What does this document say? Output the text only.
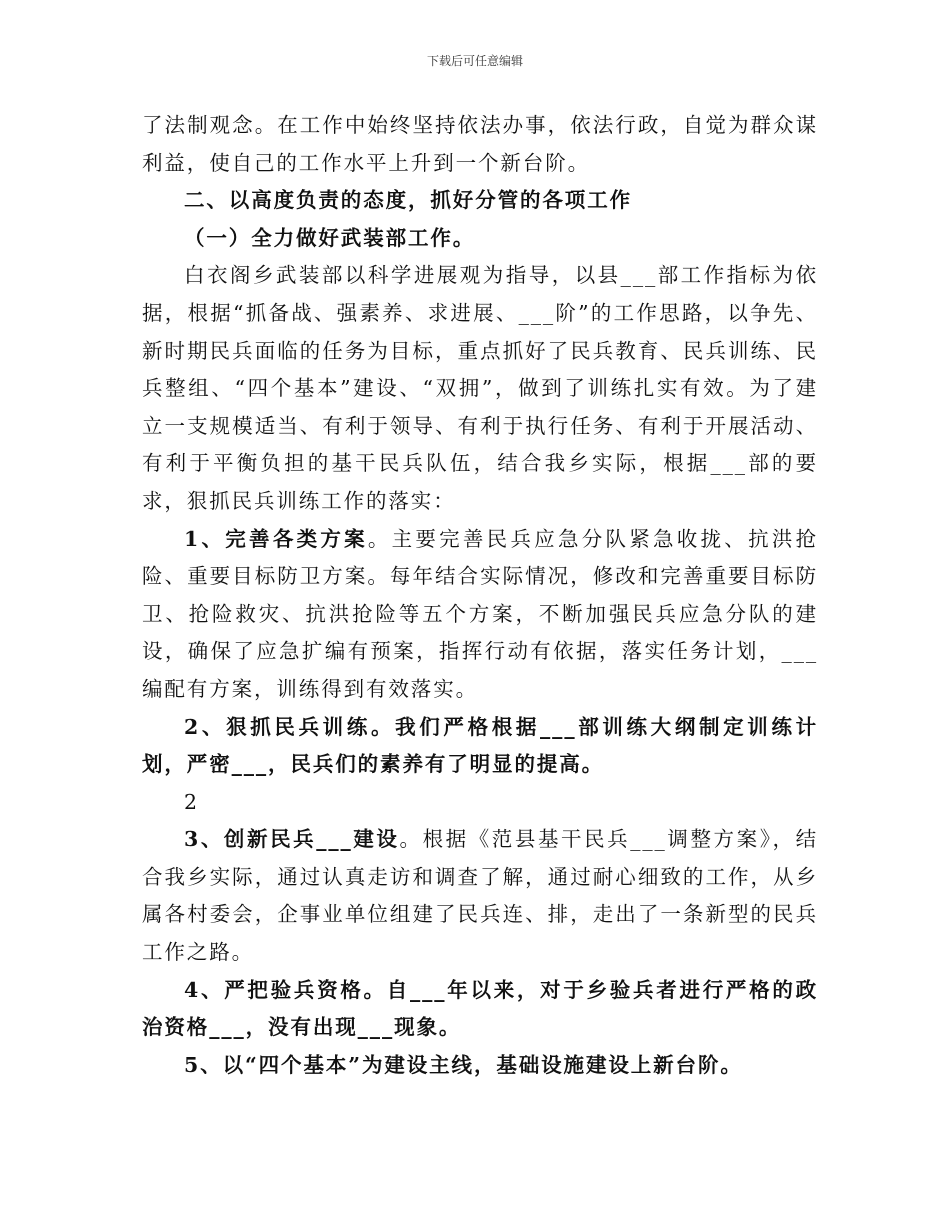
下载后可任意编辑

了法制观念。在工作中始终坚持依法办事，依法行政，自觉为群众谋利益，使自己的工作水平上升到一个新台阶。

二、以高度负责的态度，抓好分管的各项工作

（一）全力做好武装部工作。

白衣阁乡武装部以科学进展观为指导，以县___部工作指标为依据，根据“抓备战、强素养、求进展、___阶”的工作思路，以争先、新时期民兵面临的任务为目标，重点抓好了民兵教育、民兵训练、民兵整组、“四个基本”建设、“双拥”，做到了训练扎实有效。为了建立一支规模适当、有利于领导、有利于执行任务、有利于开展活动、有利于平衡负担的基干民兵队伍，结合我乡实际，根据___部的要求，狠抓民兵训练工作的落实：

1、完善各类方案。主要完善民兵应急分队紧急收拢、抗洪抢险、重要目标防卫方案。每年结合实际情况，修改和完善重要目标防卫、抢险救灾、抗洪抢险等五个方案，不断加强民兵应急分队的建设，确保了应急扩编有预案，指挥行动有依据，落实任务计划，___编配有方案，训练得到有效落实。

2、狠抓民兵训练。我们严格根据___部训练大纲制定训练计划，严密___，民兵们的素养有了明显的提高。

2

3、创新民兵___建设。根据《范县基干民兵___调整方案》，结合我乡实际，通过认真走访和调查了解，通过耐心细致的工作，从乡属各村委会，企事业单位组建了民兵连、排，走出了一条新型的民兵工作之路。

4、严把验兵资格。自___年以来，对于乡验兵者进行严格的政治资格___，没有出现___现象。

5、以“四个基本”为建设主线，基础设施建设上新台阶。
